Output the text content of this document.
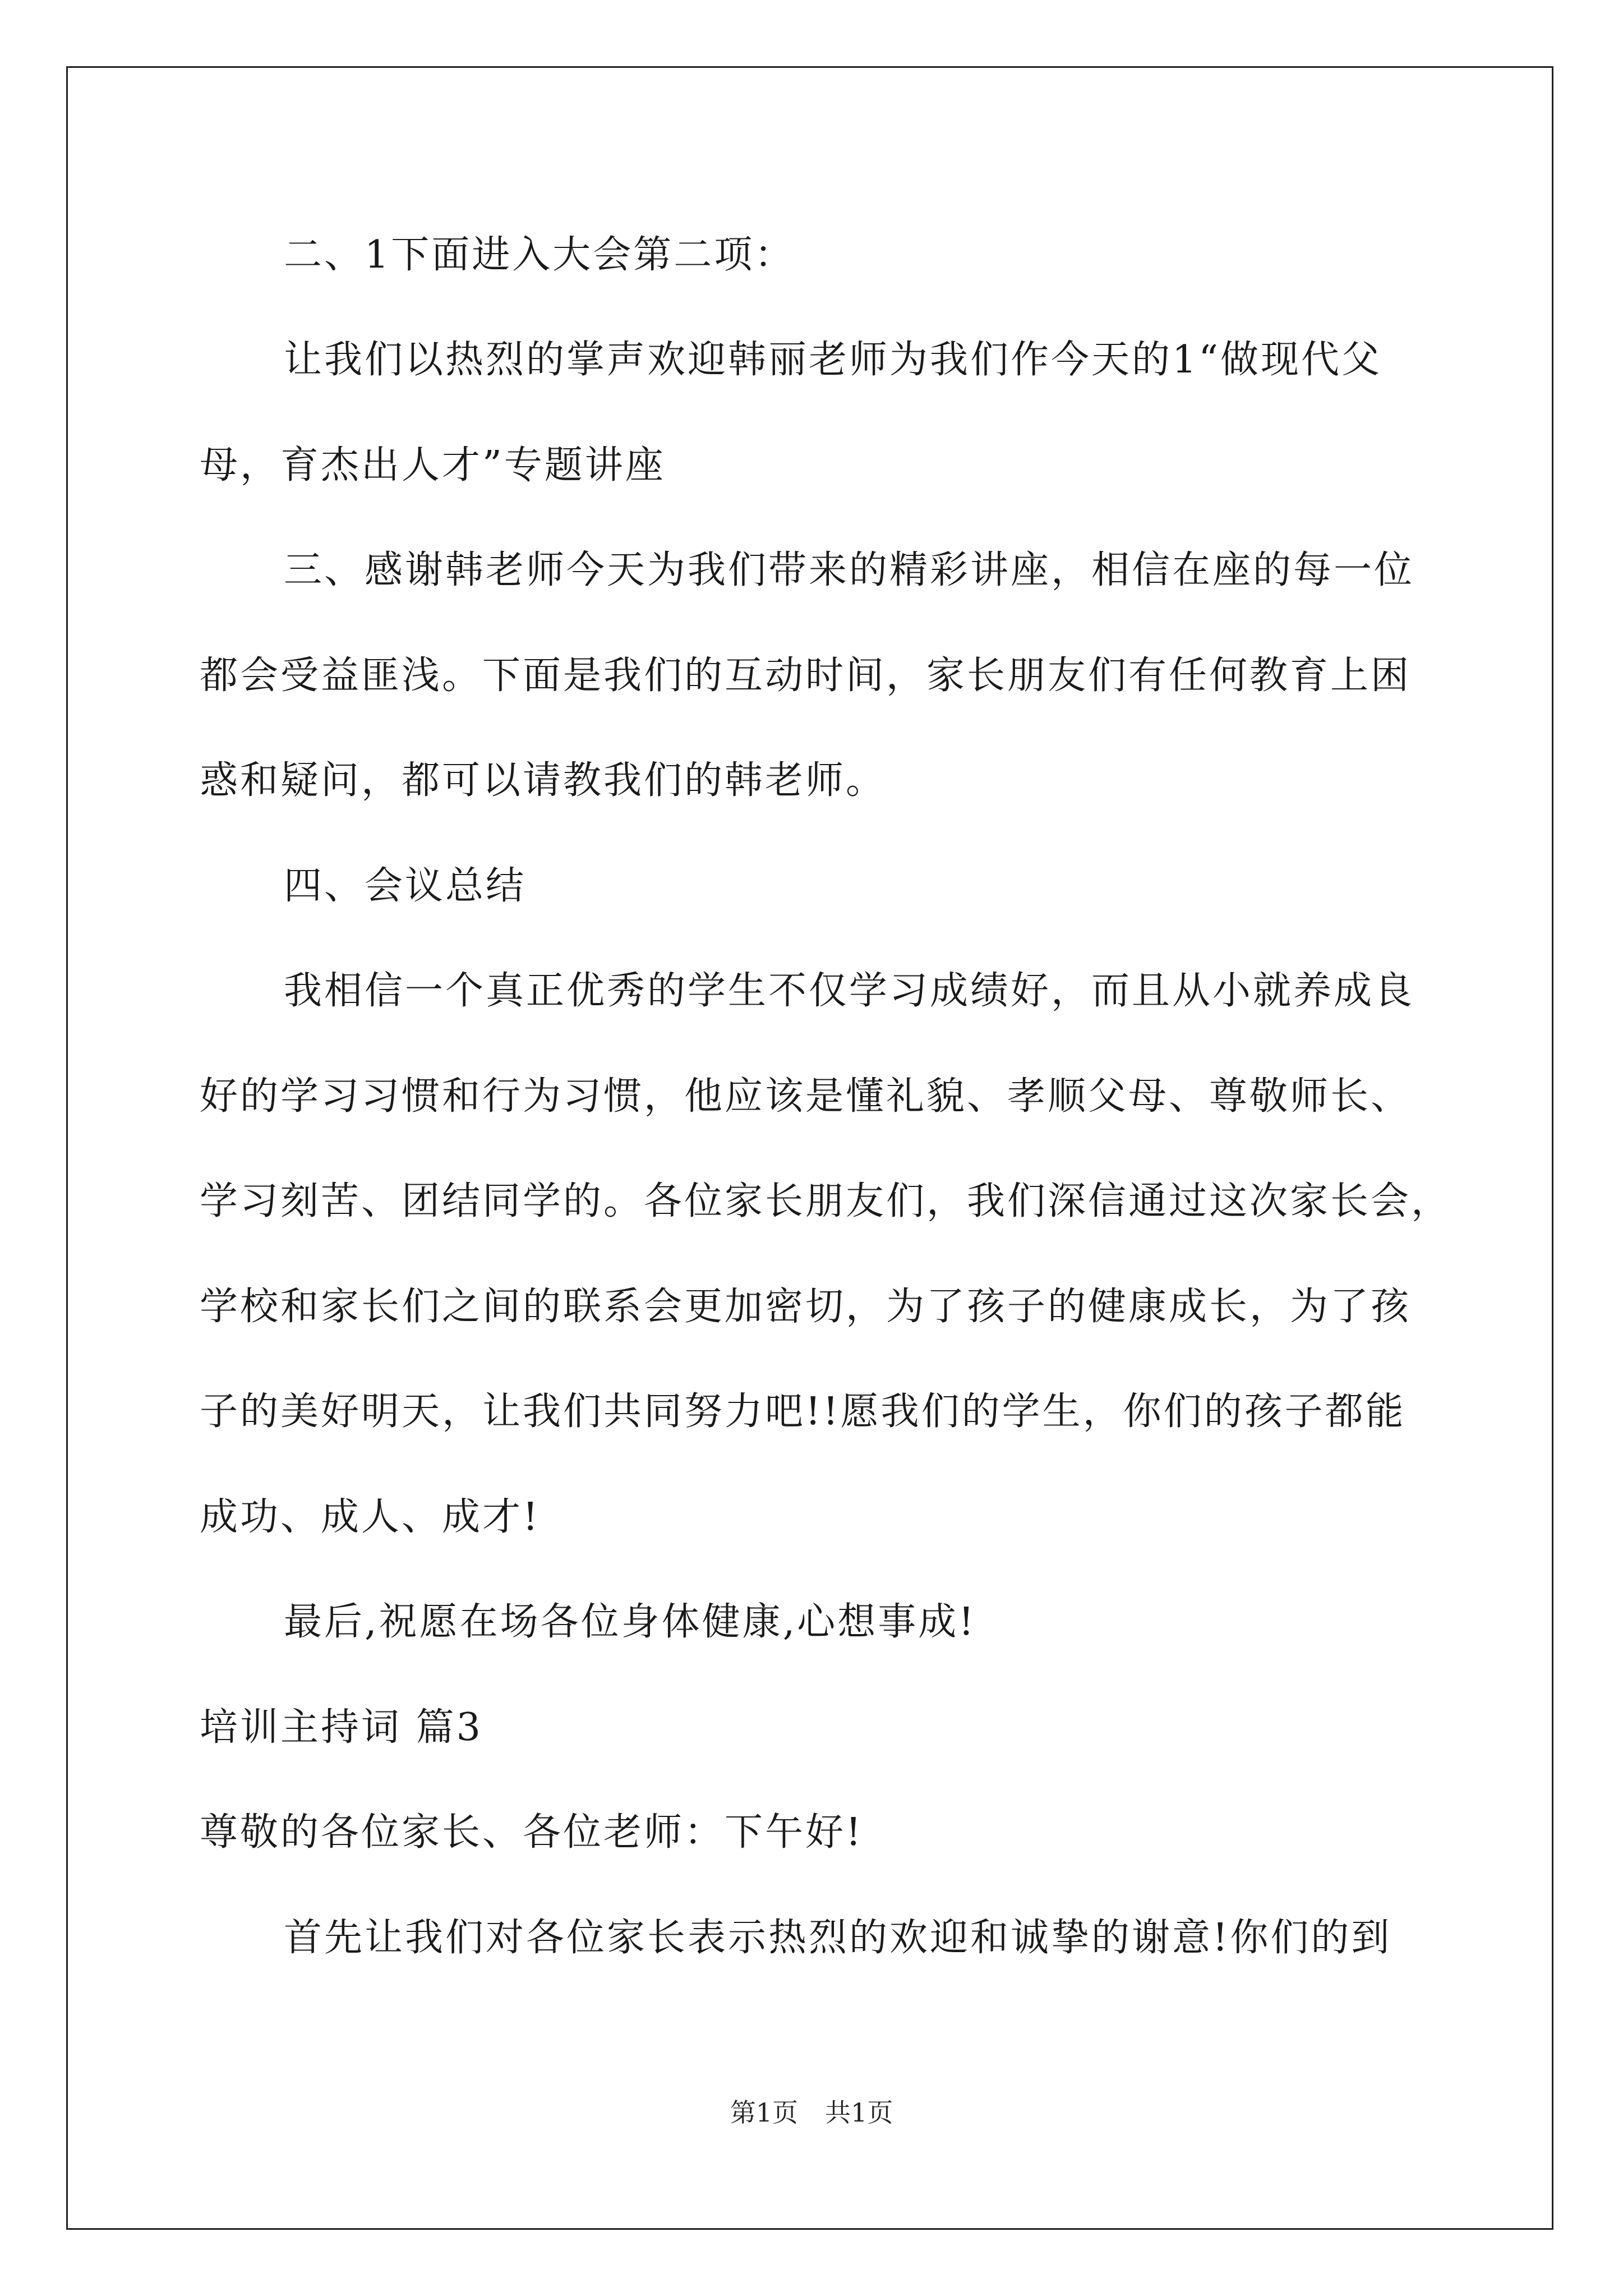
二、1下面进入大会第二项：
让我们以热烈的掌声欢迎韩丽老师为我们作今天的1“做现代父
母，育杰出人才”专题讲座
三、感谢韩老师今天为我们带来的精彩讲座，相信在座的每一位
都会受益匪浅。下面是我们的互动时间，家长朋友们有任何教育上困
惑和疑问，都可以请教我们的韩老师。
四、会议总结
我相信一个真正优秀的学生不仅学习成绩好，而且从小就养成良
好的学习习惯和行为习惯，他应该是懂礼貌、孝顺父母、尊敬师长、
学习刻苦、团结同学的。各位家长朋友们，我们深信通过这次家长会，
学校和家长们之间的联系会更加密切，为了孩子的健康成长，为了孩
子的美好明天，让我们共同努力吧!!愿我们的学生，你们的孩子都能
成功、成人、成才!
最后,祝愿在场各位身体健康,心想事成!
培训主持词 篇3
尊敬的各位家长、各位老师：下午好!
首先让我们对各位家长表示热烈的欢迎和诚挚的谢意!你们的到
第1页 共1页
